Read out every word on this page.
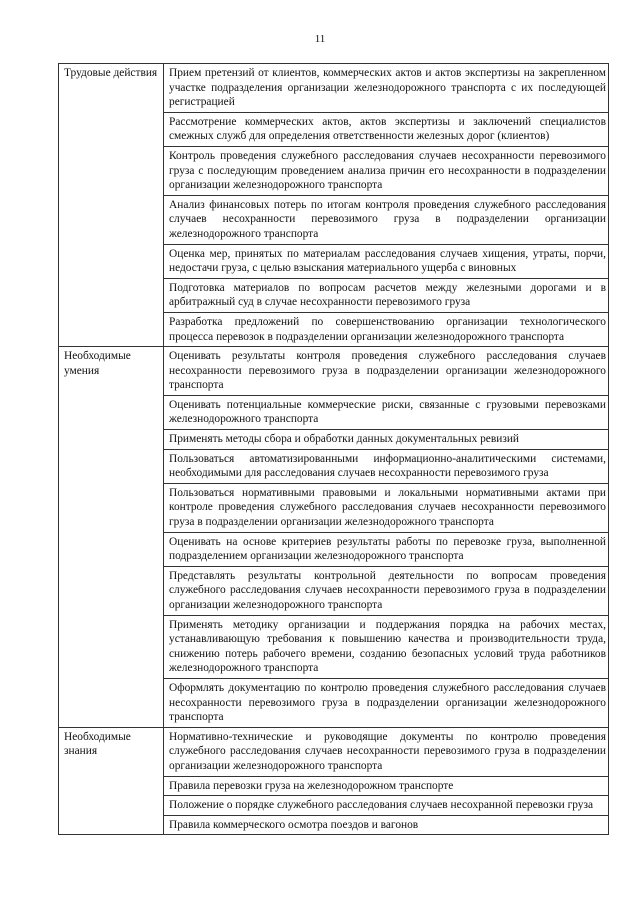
11
Трудовые действия	Прием претензий от клиентов, коммерческих актов и актов экспертизы на закрепленном участке подразделения организации железнодорожного транспорта с их последующей регистрацией
	Рассмотрение коммерческих актов, актов экспертизы и заключений специалистов смежных служб для определения ответственности железных дорог (клиентов)
	Контроль проведения служебного расследования случаев несохранности перевозимого груза с последующим проведением анализа причин его несохранности в подразделении организации железнодорожного транспорта
	Анализ финансовых потерь по итогам контроля проведения служебного расследования случаев несохранности перевозимого груза в подразделении организации железнодорожного транспорта
	Оценка мер, принятых по материалам расследования случаев хищения, утраты, порчи, недостачи груза, с целью взыскания материального ущерба с виновных
	Подготовка материалов по вопросам расчетов между железными дорогами и в арбитражный суд в случае несохранности перевозимого груза
	Разработка предложений по совершенствованию организации технологического процесса перевозок в подразделении организации железнодорожного транспорта
Необходимые умения	Оценивать результаты контроля проведения служебного расследования случаев несохранности перевозимого груза в подразделении организации железнодорожного транспорта
	Оценивать потенциальные коммерческие риски, связанные с грузовыми перевозками железнодорожного транспорта
	Применять методы сбора и обработки данных документальных ревизий
	Пользоваться автоматизированными информационно-аналитическими системами, необходимыми для расследования случаев несохранности перевозимого груза
	Пользоваться нормативными правовыми и локальными нормативными актами при контроле проведения служебного расследования случаев несохранности перевозимого груза в подразделении организации железнодорожного транспорта
	Оценивать на основе критериев результаты работы по перевозке груза, выполненной подразделением организации железнодорожного транспорта
	Представлять результаты контрольной деятельности по вопросам проведения служебного расследования случаев несохранности перевозимого груза в подразделении организации железнодорожного транспорта
	Применять методику организации и поддержания порядка на рабочих местах, устанавливающую требования к повышению качества и производительности труда, снижению потерь рабочего времени, созданию безопасных условий труда работников железнодорожного транспорта
	Оформлять документацию по контролю проведения служебного расследования случаев несохранности перевозимого груза в подразделении организации железнодорожного транспорта
Необходимые знания	Нормативно-технические и руководящие документы по контролю проведения служебного расследования случаев несохранности перевозимого груза в подразделении организации железнодорожного транспорта
	Правила перевозки груза на железнодорожном транспорте
	Положение о порядке служебного расследования случаев несохранной перевозки груза
	Правила коммерческого осмотра поездов и вагонов
